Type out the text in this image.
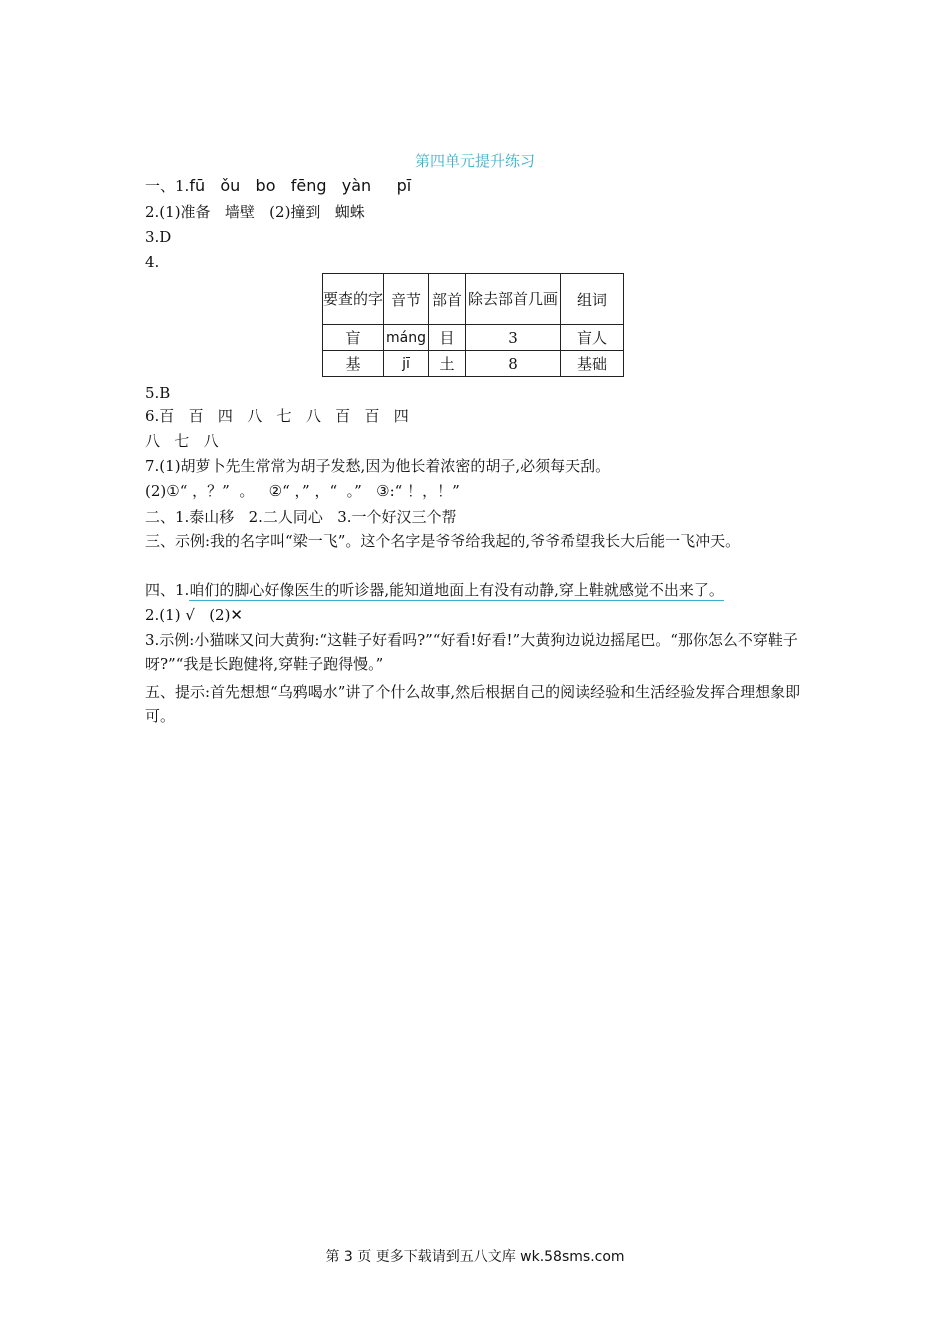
第四单元提升练习
一、1.fū   ǒu   bo   fēng   yàn     pī
2.(1)准备   墙壁   (2)撞到   蜘蛛
3.D
4.
要查的字	音节	部首	除去部首几画	组词
盲	máng	目	3	盲人
基	jī	土	8	基础
5.B
6.百   百   四   八   七   八   百   百   四
八   七   八
7.(1)胡萝卜先生常常为胡子发愁,因为他长着浓密的胡子,必须每天刮。
(2)①“ ，？”  。   ②“ ，” ，“  。”   ③:“ ！，！”
二、1.泰山移   2.二人同心   3.一个好汉三个帮
三、示例:我的名字叫“梁一飞”。这个名字是爷爷给我起的,爷爷希望我长大后能一飞冲天。
四、1.咱们的脚心好像医生的听诊器,能知道地面上有没有动静,穿上鞋就感觉不出来了。
2.(1) √   (2)✕
3.示例:小猫咪又问大黄狗:“这鞋子好看吗?”“好看!好看!”大黄狗边说边摇尾巴。“那你怎么不穿鞋子呀?”“我是长跑健将,穿鞋子跑得慢。”
五、提示:首先想想“乌鸦喝水”讲了个什么故事,然后根据自己的阅读经验和生活经验发挥合理想象即可。
第 3 页 更多下载请到五八文库 wk.58sms.com
